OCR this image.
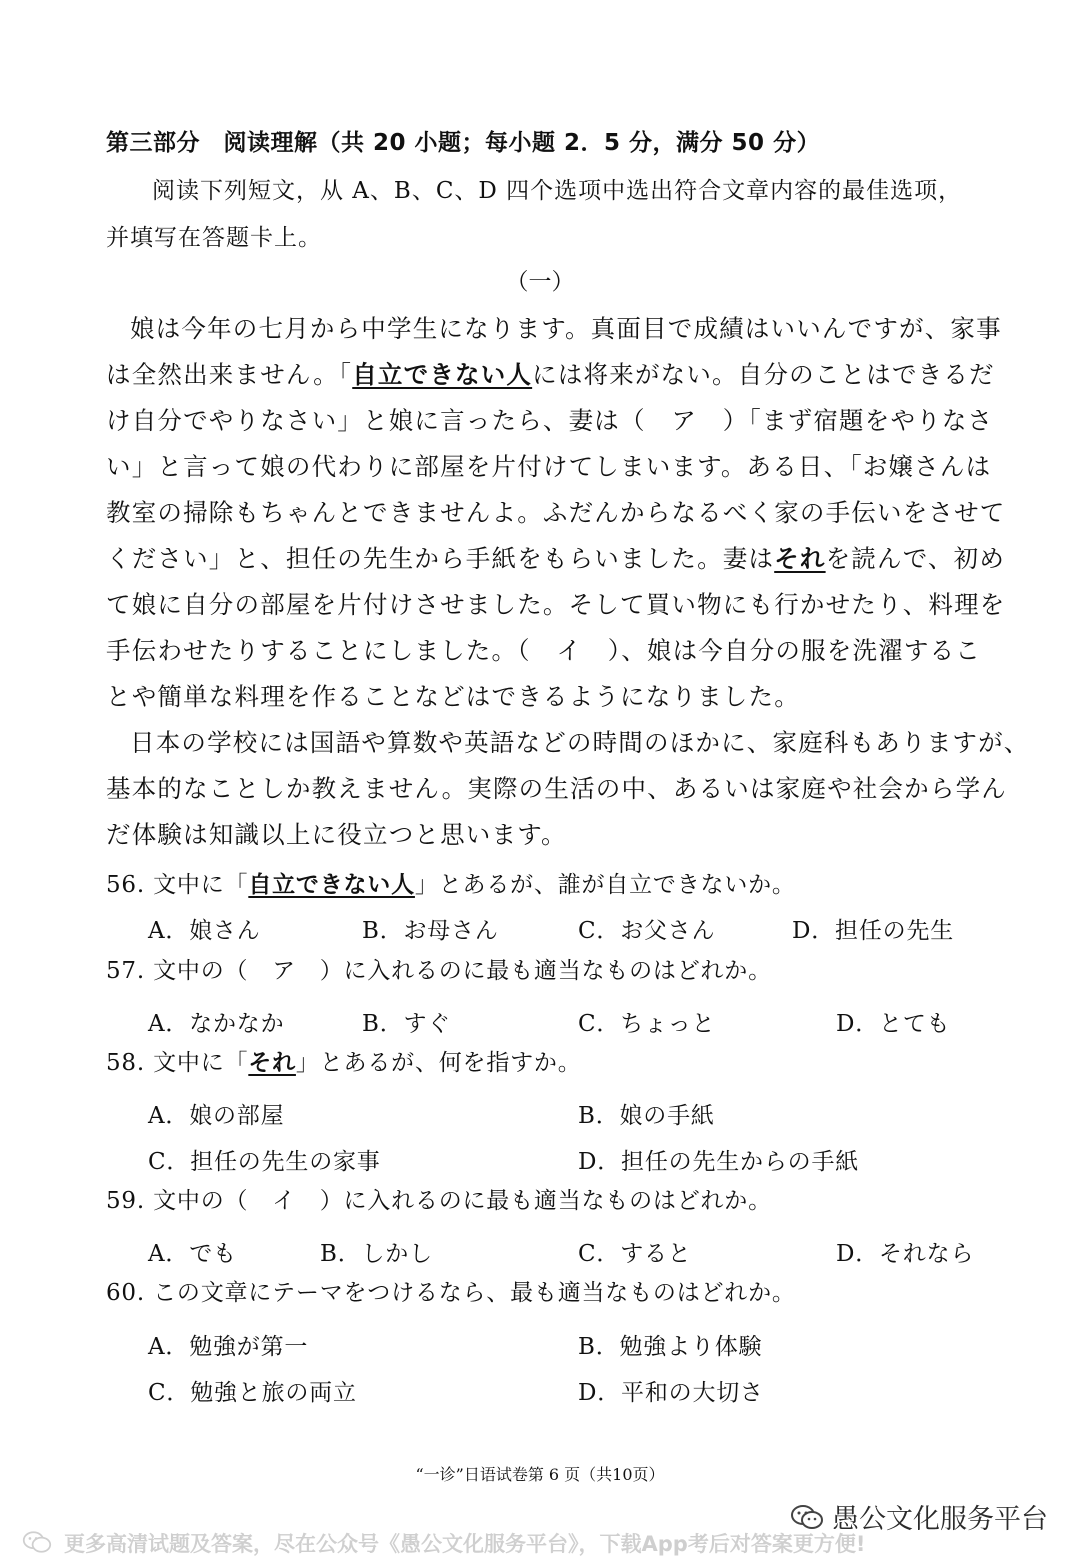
第三部分　阅读理解（共 20 小题；每小题 2．5 分，满分 50 分）
阅读下列短文，从 A、B、C、D 四个选项中选出符合文章内容的最佳选项，
并填写在答题卡上。
（一）
娘は今年の七月から中学生になります。真面目で成績はいいんですが、家事
は全然出来ません。「自立できない人には将来がない。自分のことはできるだ
け自分でやりなさい」と娘に言ったら、妻は（　ア　）「まず宿題をやりなさ
い」と言って娘の代わりに部屋を片付けてしまいます。ある日、「お嬢さんは
教室の掃除もちゃんとできませんよ。ふだんからなるべく家の手伝いをさせて
ください」と、担任の先生から手紙をもらいました。妻はそれを読んで、初め
て娘に自分の部屋を片付けさせました。そして買い物にも行かせたり、料理を
手伝わせたりすることにしました。（　イ　）、娘は今自分の服を洗濯するこ
とや簡単な料理を作ることなどはできるようになりました。
日本の学校には国語や算数や英語などの時間のほかに、家庭科もありますが、
基本的なことしか教えません。実際の生活の中、あるいは家庭や社会から学ん
だ体験は知識以上に役立つと思います。
56. 文中に「自立できない人」とあるが、誰が自立できないか。
A．娘さん	B．お母さん	C．お父さん	D．担任の先生
57. 文中の（　ア　）に入れるのに最も適当なものはどれか。
A．なかなか	B．すぐ	C．ちょっと	D．とても
58. 文中に「それ」とあるが、何を指すか。
A．娘の部屋	B．娘の手紙
C．担任の先生の家事	D．担任の先生からの手紙
59. 文中の（　イ　）に入れるのに最も適当なものはどれか。
A．でも	B．しかし	C．すると	D．それなら
60. この文章にテーマをつけるなら、最も適当なものはどれか。
A．勉強が第一	B．勉強より体験
C．勉強と旅の両立	D．平和の大切さ
“一诊”日语试卷第 6 页（共10页）
愚公文化服务平台
更多高清试题及答案，尽在公众号《愚公文化服务平台》，下载App考后对答案更方便!
